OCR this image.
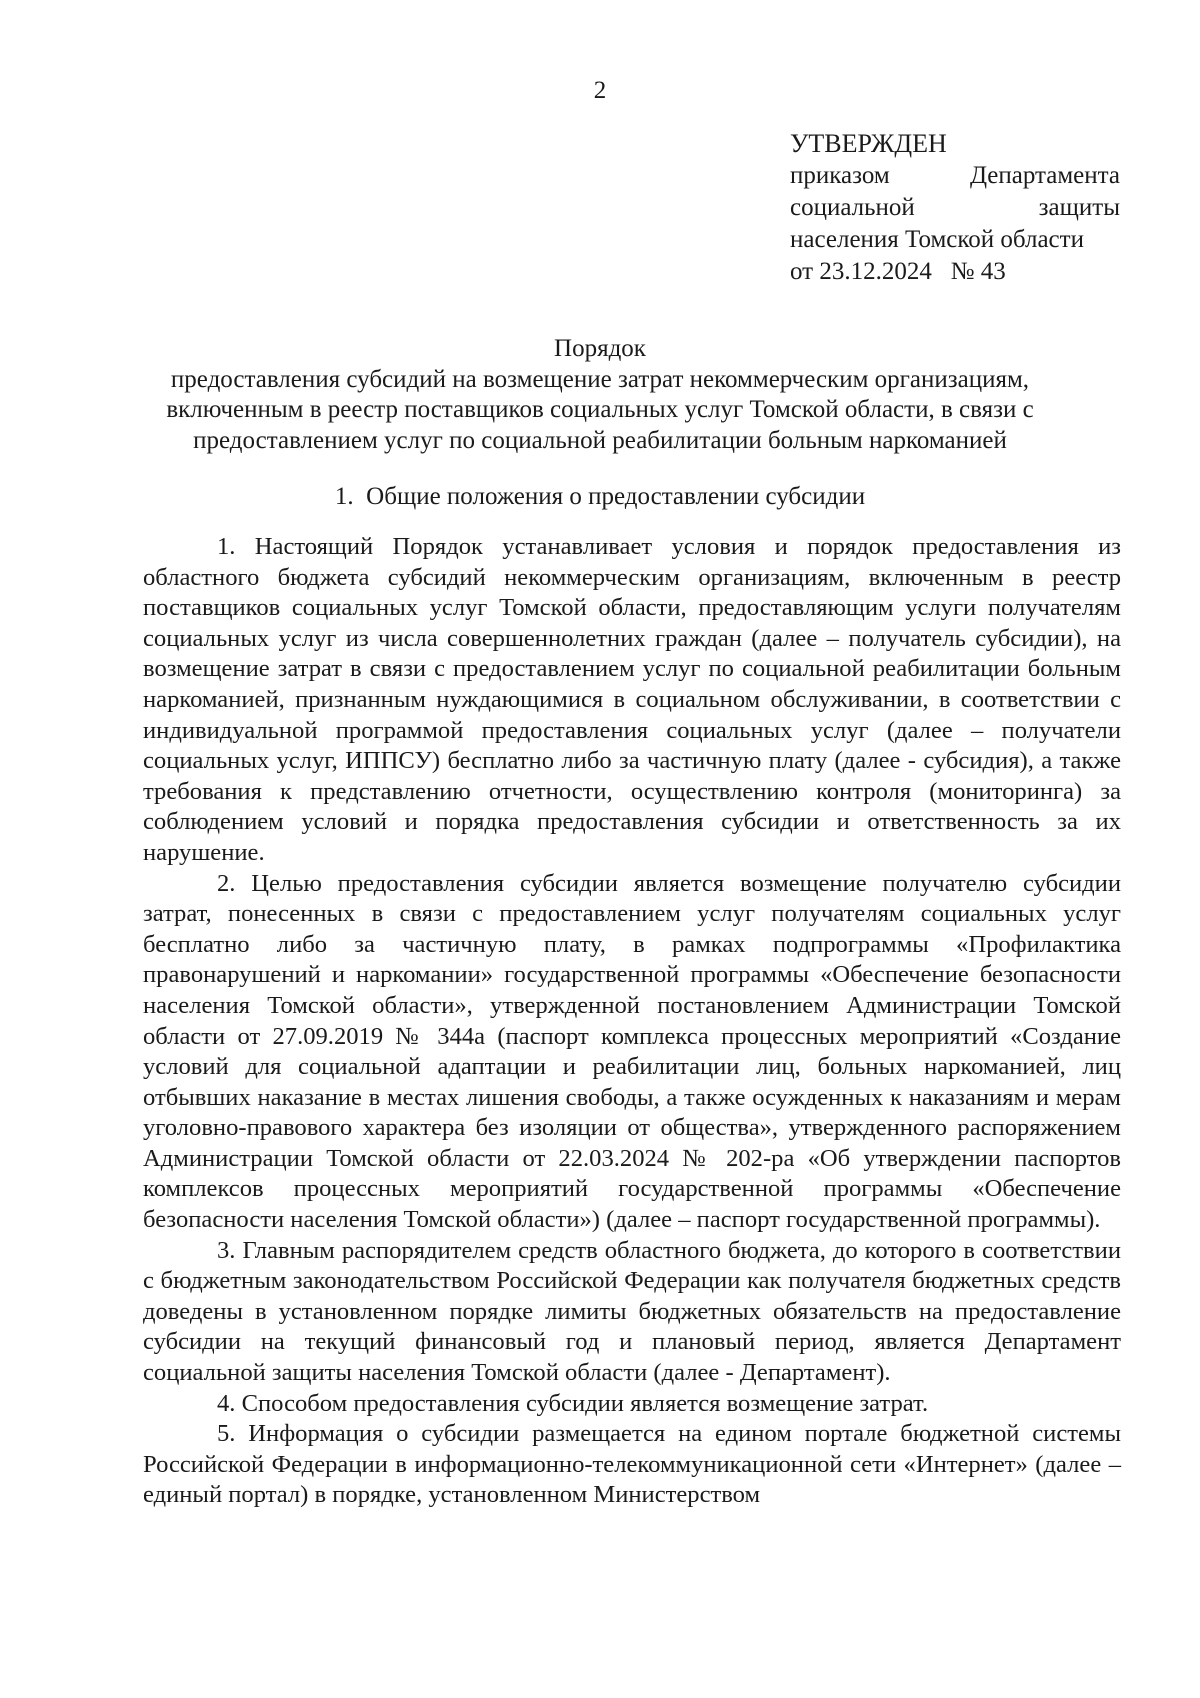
2
УТВЕРЖДЕН
приказом	Департамента
социальной	защиты
населения Томской области
от 23.12.2024   № 43
Порядок
предоставления субсидий на возмещение затрат некоммерческим организациям,
включенным в реестр поставщиков социальных услуг Томской области, в связи с
предоставлением услуг по социальной реабилитации больным наркоманией
1.  Общие положения о предоставлении субсидии

1. Настоящий Порядок устанавливает условия и порядок предоставления из областного бюджета субсидий некоммерческим организациям, включенным в реестр поставщиков социальных услуг Томской области, предоставляющим услуги получателям социальных услуг из числа совершеннолетних граждан (далее – получатель субсидии), на возмещение затрат в связи с предоставлением услуг по социальной реабилитации больным наркоманией, признанным нуждающимися в социальном обслуживании, в соответствии с индивидуальной программой предоставления социальных услуг (далее – получатели социальных услуг, ИППСУ) бесплатно либо за частичную плату (далее - субсидия), а также требования к представлению отчетности, осуществлению контроля (мониторинга) за соблюдением условий и порядка предоставления субсидии и ответственность за их нарушение.

2. Целью предоставления субсидии является возмещение получателю субсидии затрат, понесенных в связи с предоставлением услуг получателям социальных услуг бесплатно либо за частичную плату, в рамках подпрограммы «Профилактика правонарушений и наркомании» государственной программы «Обеспечение безопасности населения Томской области», утвержденной постановлением Администрации Томской области от 27.09.2019 № 344а (паспорт комплекса процессных мероприятий «Создание условий для социальной адаптации и реабилитации лиц, больных наркоманией, лиц отбывших наказание в местах лишения свободы, а также осужденных к наказаниям и мерам уголовно-правового характера без изоляции от общества», утвержденного распоряжением Администрации Томской области от 22.03.2024 № 202-ра «Об утверждении паспортов комплексов процессных мероприятий государственной программы «Обеспечение безопасности населения Томской области») (далее – паспорт государственной программы).

3. Главным распорядителем средств областного бюджета, до которого в соответствии с бюджетным законодательством Российской Федерации как получателя бюджетных средств доведены в установленном порядке лимиты бюджетных обязательств на предоставление субсидии на текущий финансовый год и плановый период, является Департамент социальной защиты населения Томской области (далее - Департамент).

4. Способом предоставления субсидии является возмещение затрат.

5. Информация о субсидии размещается на едином портале бюджетной системы Российской Федерации в информационно-телекоммуникационной сети «Интернет» (далее – единый портал) в порядке, установленном Министерством
